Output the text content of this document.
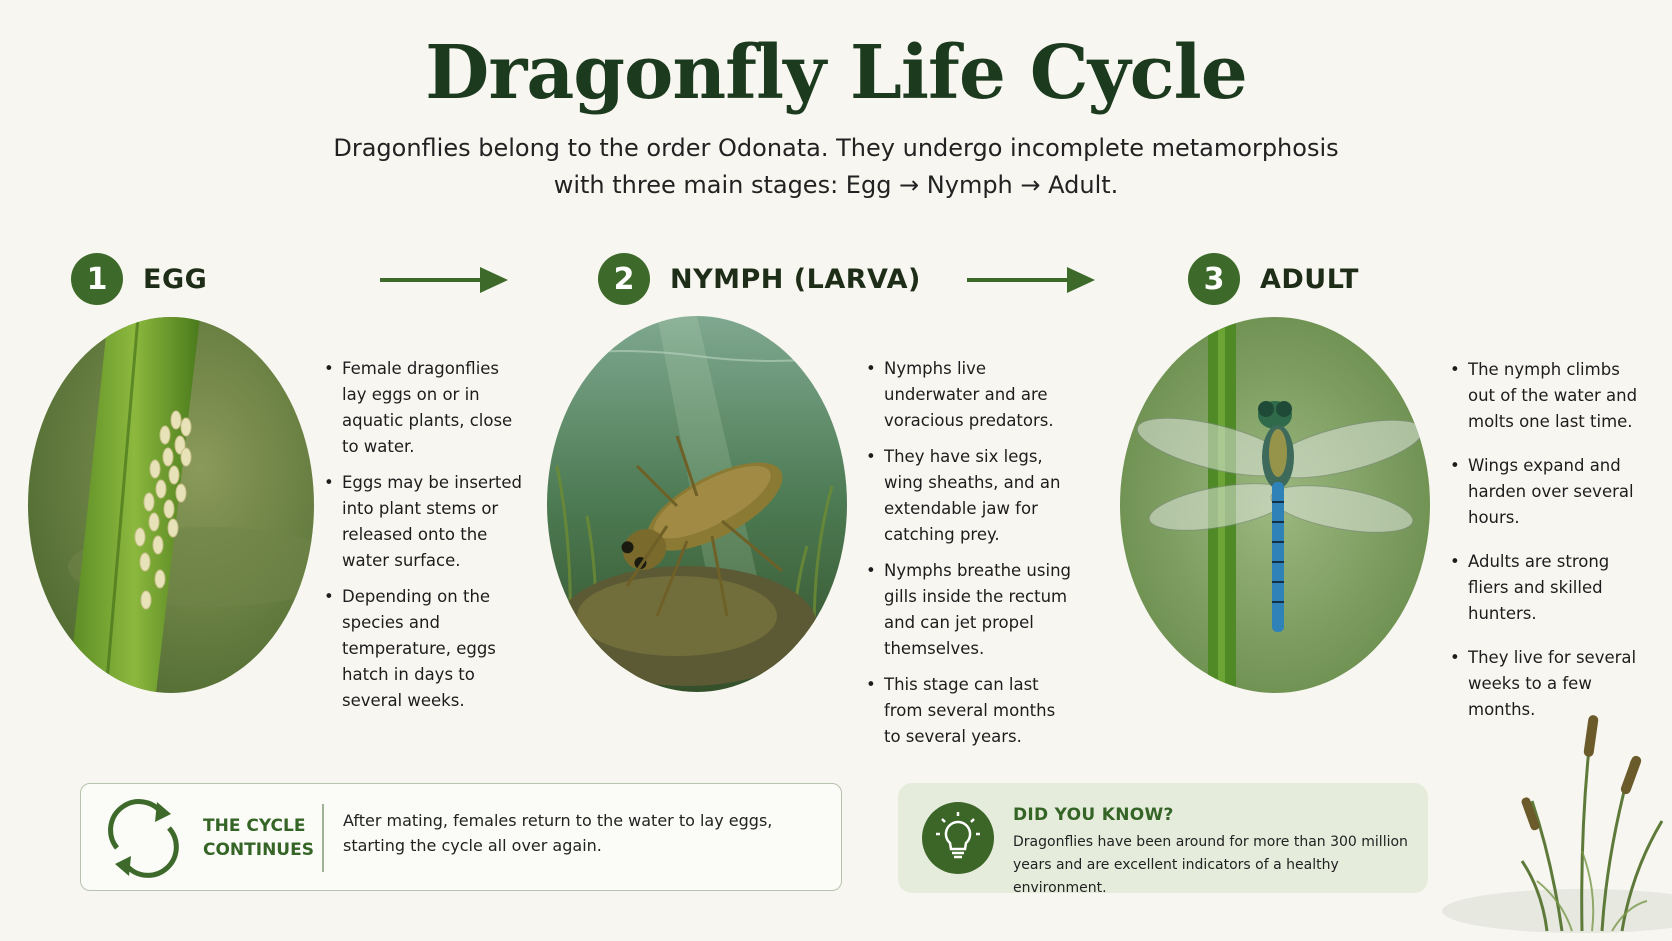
Dragonfly Life Cycle
Dragonflies belong to the order Odonata. They undergo incomplete metamorphosis
with three main stages: Egg → Nymph → Adult.
1	EGG	2	NYMPH (LARVA)	3	ADULT
• Female dragonflies lay eggs on or in aquatic plants, close to water.
• Eggs may be inserted into plant stems or released onto the water surface.
• Depending on the species and temperature, eggs hatch in days to several weeks.
• Nymphs live underwater and are voracious predators.
• They have six legs, wing sheaths, and an extendable jaw for catching prey.
• Nymphs breathe using gills inside the rectum and can jet propel themselves.
• This stage can last from several months to several years.
• The nymph climbs out of the water and molts one last time.
• Wings expand and harden over several hours.
• Adults are strong fliers and skilled hunters.
• They live for several weeks to a few months.
THE CYCLE
CONTINUES
After mating, females return to the water to lay eggs, starting the cycle all over again.
DID YOU KNOW?
Dragonflies have been around for more than 300 million years and are excellent indicators of a healthy environment.
